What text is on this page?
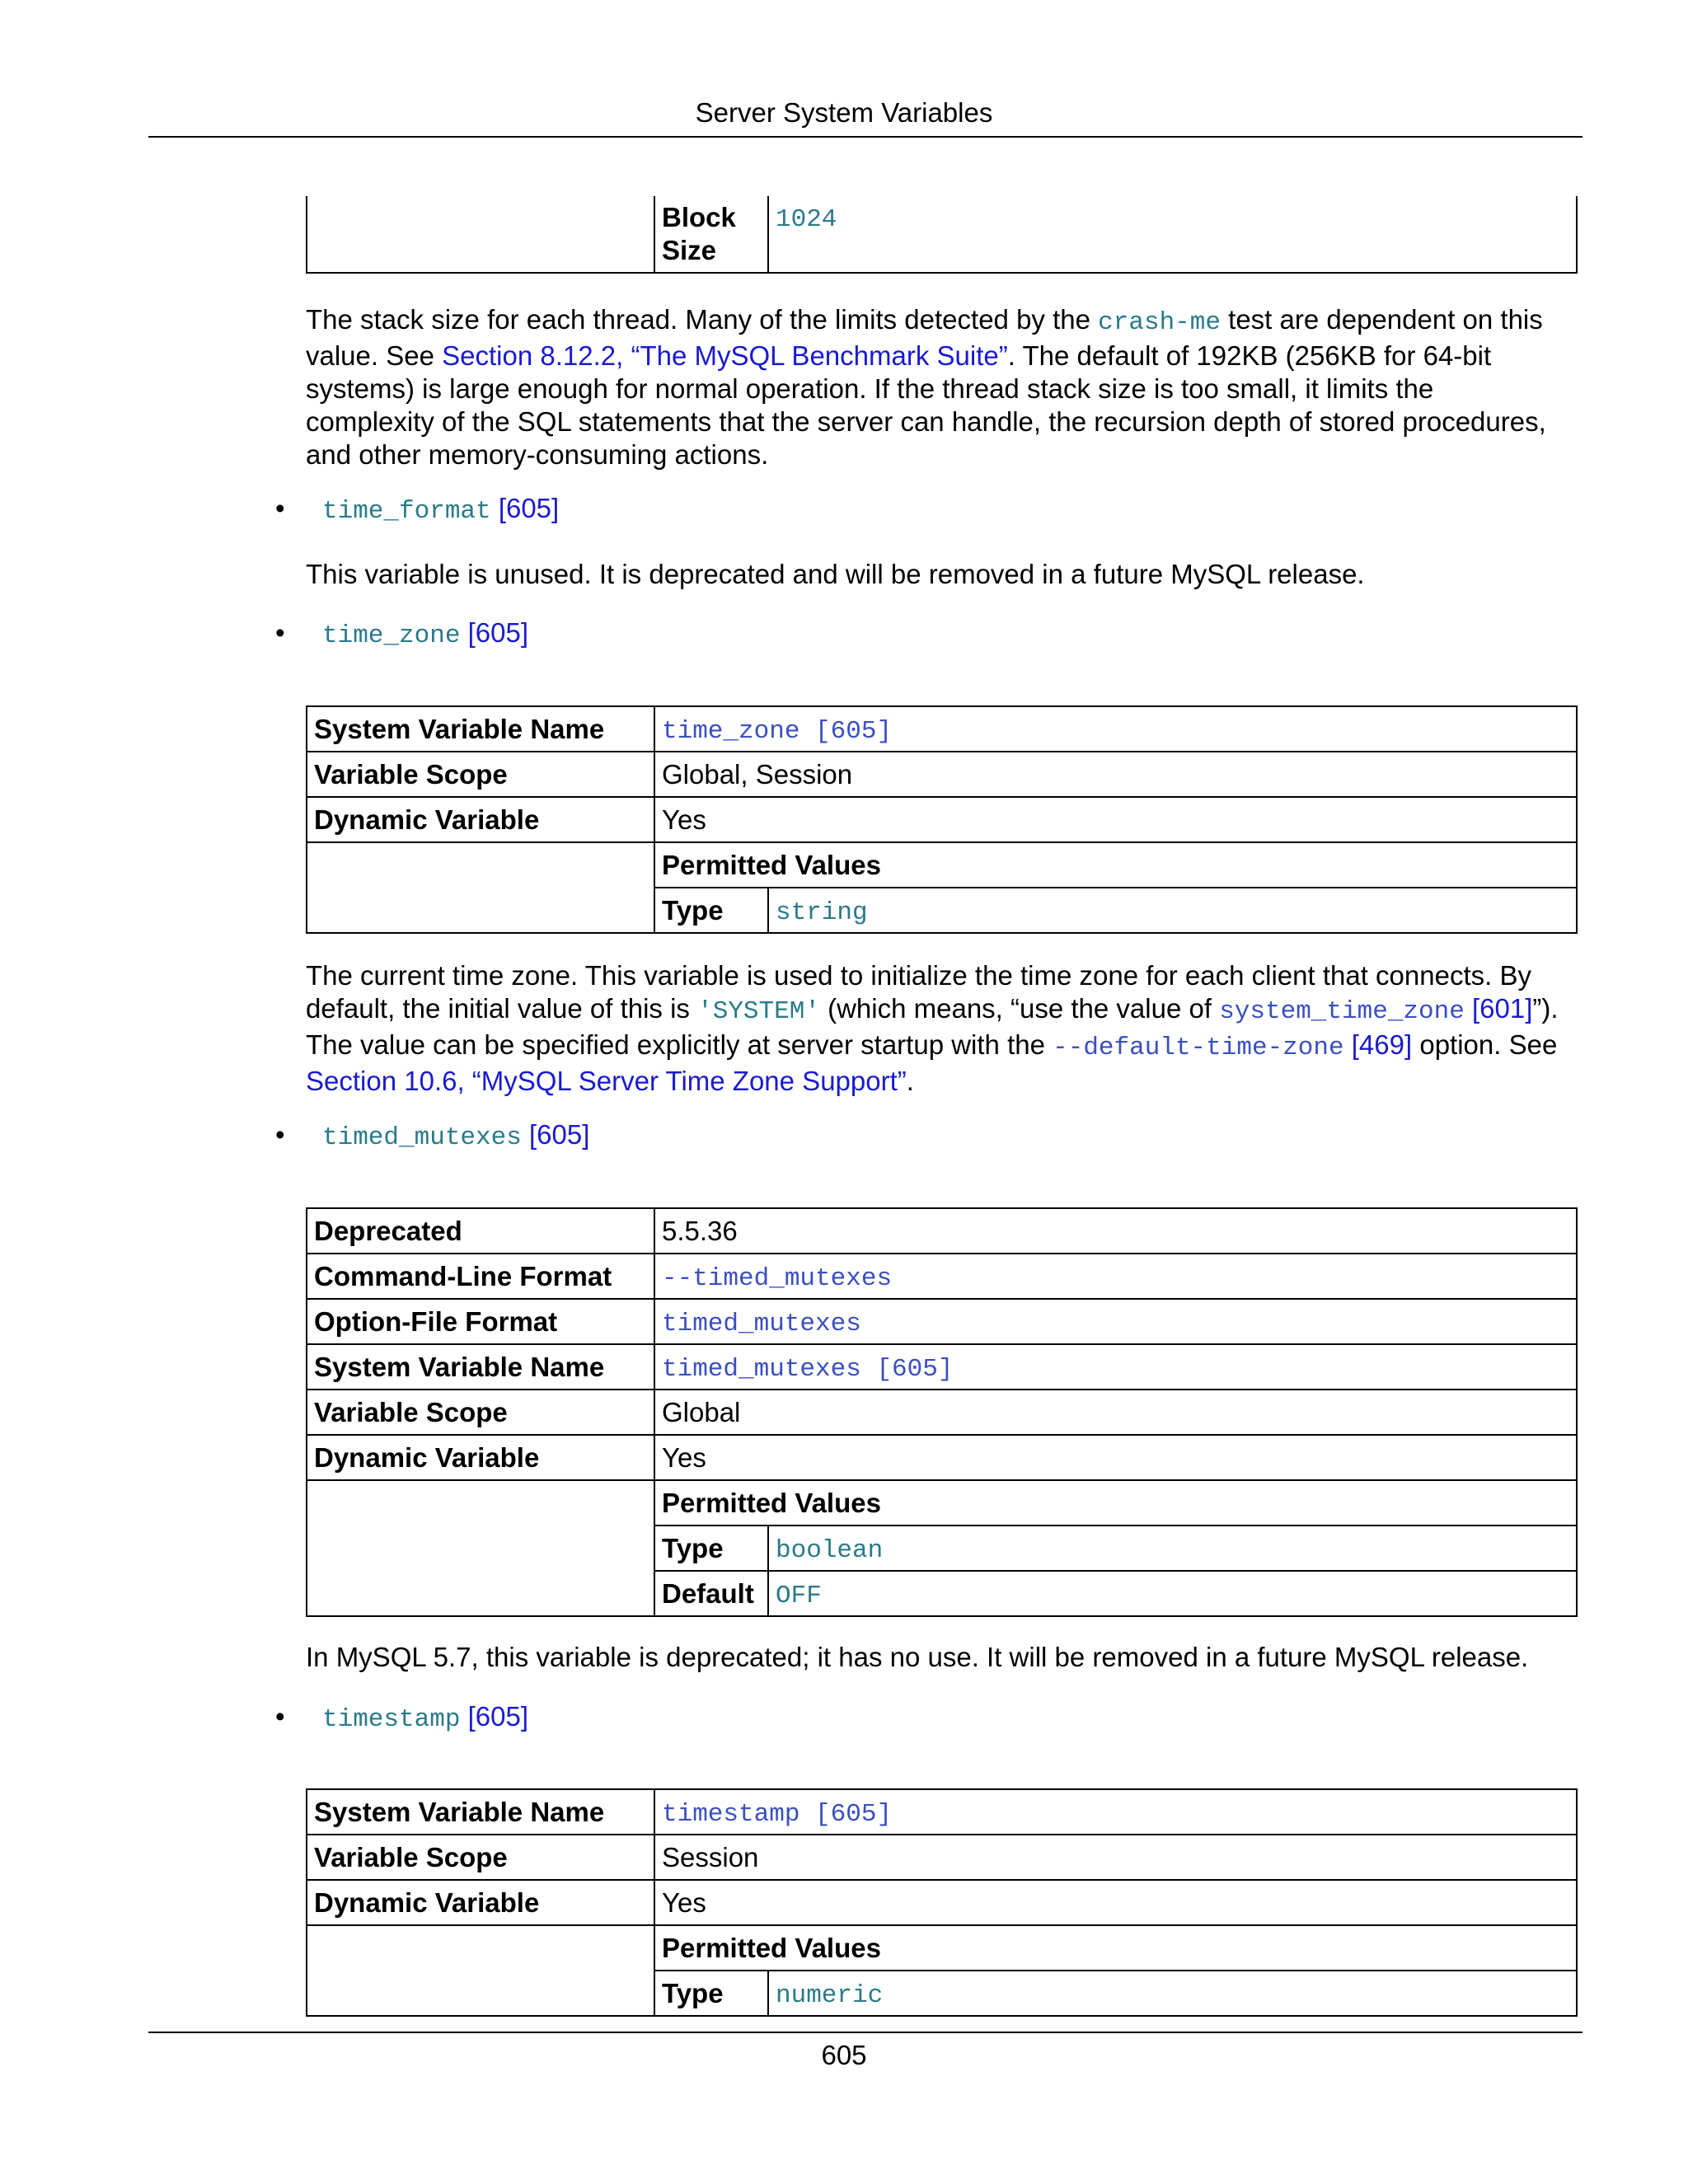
Server System Variables
	Block Size	1024
The stack size for each thread. Many of the limits detected by the crash-me test are dependent on this value. See Section 8.12.2, “The MySQL Benchmark Suite”. The default of 192KB (256KB for 64-bit systems) is large enough for normal operation. If the thread stack size is too small, it limits the complexity of the SQL statements that the server can handle, the recursion depth of stored procedures, and other memory-consuming actions.
• time_format [605]
This variable is unused. It is deprecated and will be removed in a future MySQL release.
• time_zone [605]
System Variable Name	time_zone [605]	
Variable Scope	Global, Session	
Dynamic Variable	Yes	
	Permitted Values	
	Type	string
The current time zone. This variable is used to initialize the time zone for each client that connects. By default, the initial value of this is 'SYSTEM' (which means, “use the value of system_time_zone [601]”). The value can be specified explicitly at server startup with the --default-time-zone [469] option. See Section 10.6, “MySQL Server Time Zone Support”.
• timed_mutexes [605]
Deprecated	5.5.36	
Command-Line Format	--timed_mutexes	
Option-File Format	timed_mutexes	
System Variable Name	timed_mutexes [605]	
Variable Scope	Global	
Dynamic Variable	Yes	
	Permitted Values	
	Type	boolean
	Default	OFF
In MySQL 5.7, this variable is deprecated; it has no use. It will be removed in a future MySQL release.
• timestamp [605]
System Variable Name	timestamp [605]	
Variable Scope	Session	
Dynamic Variable	Yes	
	Permitted Values	
	Type	numeric
605
